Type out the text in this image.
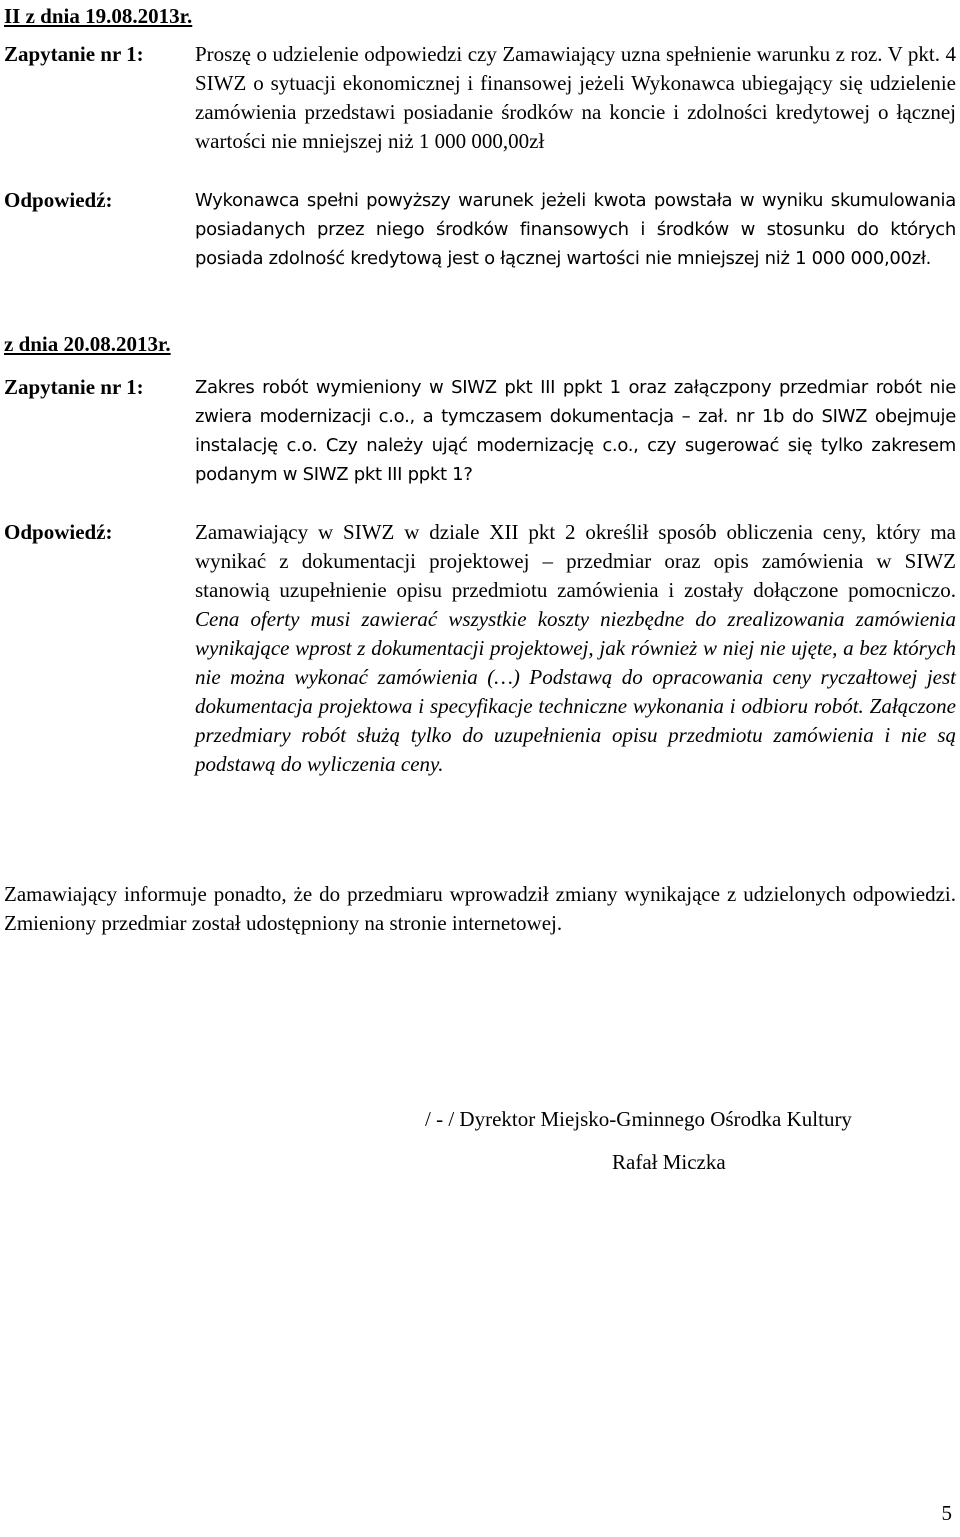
II z dnia 19.08.2013r.
Zapytanie nr 1: Proszę o udzielenie odpowiedzi czy Zamawiający uzna spełnienie warunku z roz. V pkt. 4 SIWZ o sytuacji ekonomicznej i finansowej jeżeli Wykonawca ubiegający się udzielenie zamówienia przedstawi posiadanie środków na koncie i zdolności kredytowej o łącznej wartości nie mniejszej niż 1 000 000,00zł

Odpowiedź:	Wykonawca spełni powyższy warunek jeżeli kwota powstała w wyniku skumulowania posiadanych przez niego środków finansowych i środków w stosunku do których posiada zdolność kredytową jest o łącznej wartości nie mniejszej niż 1 000 000,00zł.

z dnia 20.08.2013r.
Zapytanie nr 1:	Zakres robót wymieniony w SIWZ pkt III ppkt 1 oraz załączpony przedmiar robót nie zwiera modernizacji c.o., a tymczasem dokumentacja – zał. nr 1b do SIWZ obejmuje instalację c.o. Czy należy ująć modernizację c.o., czy sugerować się tylko zakresem podanym w SIWZ pkt III ppkt 1?

Odpowiedź:	Zamawiający w SIWZ w dziale XII pkt 2 określił sposób obliczenia ceny, który ma wynikać z dokumentacji projektowej – przedmiar oraz opis zamówienia w SIWZ stanowią uzupełnienie opisu przedmiotu zamówienia i zostały dołączone pomocniczo. Cena oferty musi zawierać wszystkie koszty niezbędne do zrealizowania zamówienia wynikające wprost z dokumentacji projektowej, jak również w niej nie ujęte, a bez których nie można wykonać zamówienia (…) Podstawą do opracowania ceny ryczałtowej jest dokumentacja projektowa i specyfikacje techniczne wykonania i odbioru robót. Załączone przedmiary robót służą tylko do uzupełnienia opisu przedmiotu zamówienia i nie są podstawą do wyliczenia ceny.

Zamawiający informuje ponadto, że do przedmiaru wprowadził zmiany wynikające z udzielonych odpowiedzi. Zmieniony przedmiar został udostępniony na stronie internetowej.

/ - / Dyrektor Miejsko-Gminnego Ośrodka Kultury
Rafał Miczka
5
